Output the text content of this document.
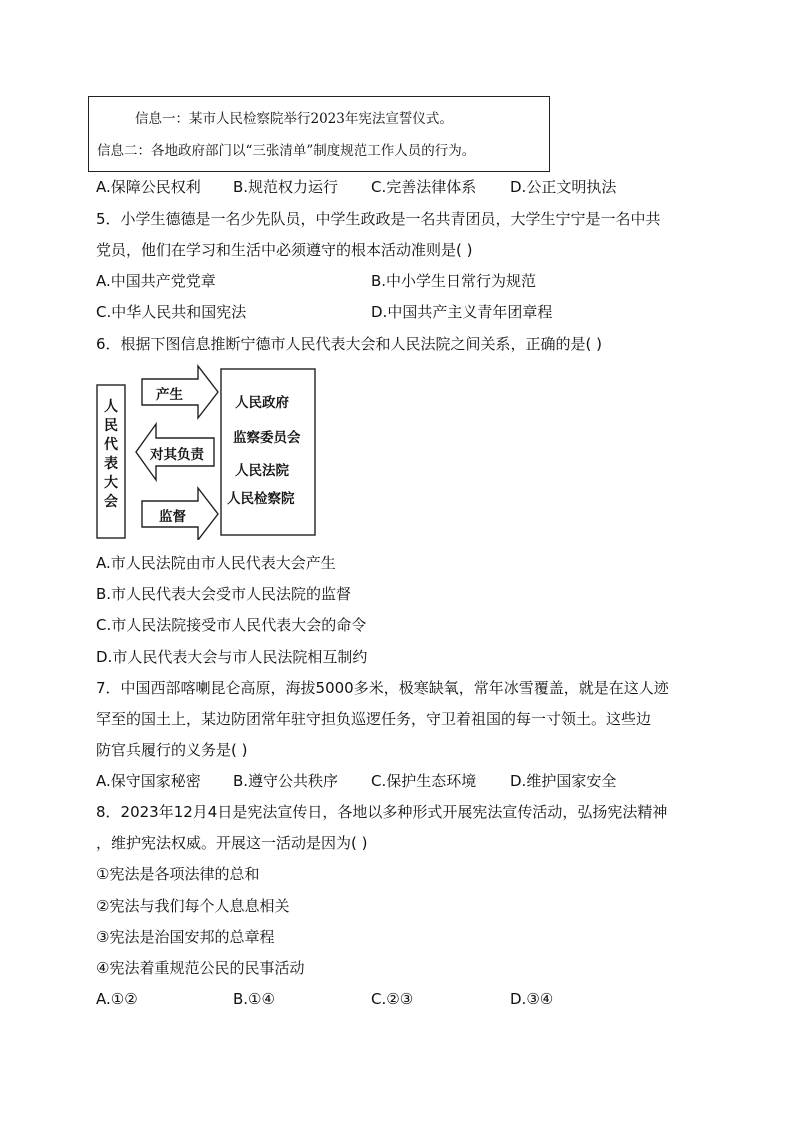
信息一：某市人民检察院举行2023年宪法宣誓仪式。
信息二：各地政府部门以“三张清单”制度规范工作人员的行为。
A.保障公民权利 B.规范权力运行 C.完善法律体系 D.公正文明执法
5．小学生德德是一名少先队员，中学生政政是一名共青团员，大学生宁宁是一名中共
党员，他们在学习和生活中必须遵守的根本活动准则是( )
A.中国共产党党章	B.中小学生日常行为规范
C.中华人民共和国宪法	D.中国共产主义青年团章程
6．根据下图信息推断宁德市人民代表大会和人民法院之间关系，正确的是( )
人
民
代
表
大
会
产生
对其负责
监督
人民政府
监察委员会
人民法院
人民检察院
A.市人民法院由市人民代表大会产生
B.市人民代表大会受市人民法院的监督
C.市人民法院接受市人民代表大会的命令
D.市人民代表大会与市人民法院相互制约
7．中国西部喀喇昆仑高原，海拔5000多米，极寒缺氧，常年冰雪覆盖，就是在这人迹
罕至的国土上，某边防团常年驻守担负巡逻任务，守卫着祖国的每一寸领土。这些边
防官兵履行的义务是( )
A.保守国家秘密 B.遵守公共秩序 C.保护生态环境 D.维护国家安全
8．2023年12月4日是宪法宣传日，各地以多种形式开展宪法宣传活动，弘扬宪法精神
，维护宪法权威。开展这一活动是因为( )
①宪法是各项法律的总和
②宪法与我们每个人息息相关
③宪法是治国安邦的总章程
④宪法着重规范公民的民事活动
A.①②	B.①④	C.②③	D.③④
